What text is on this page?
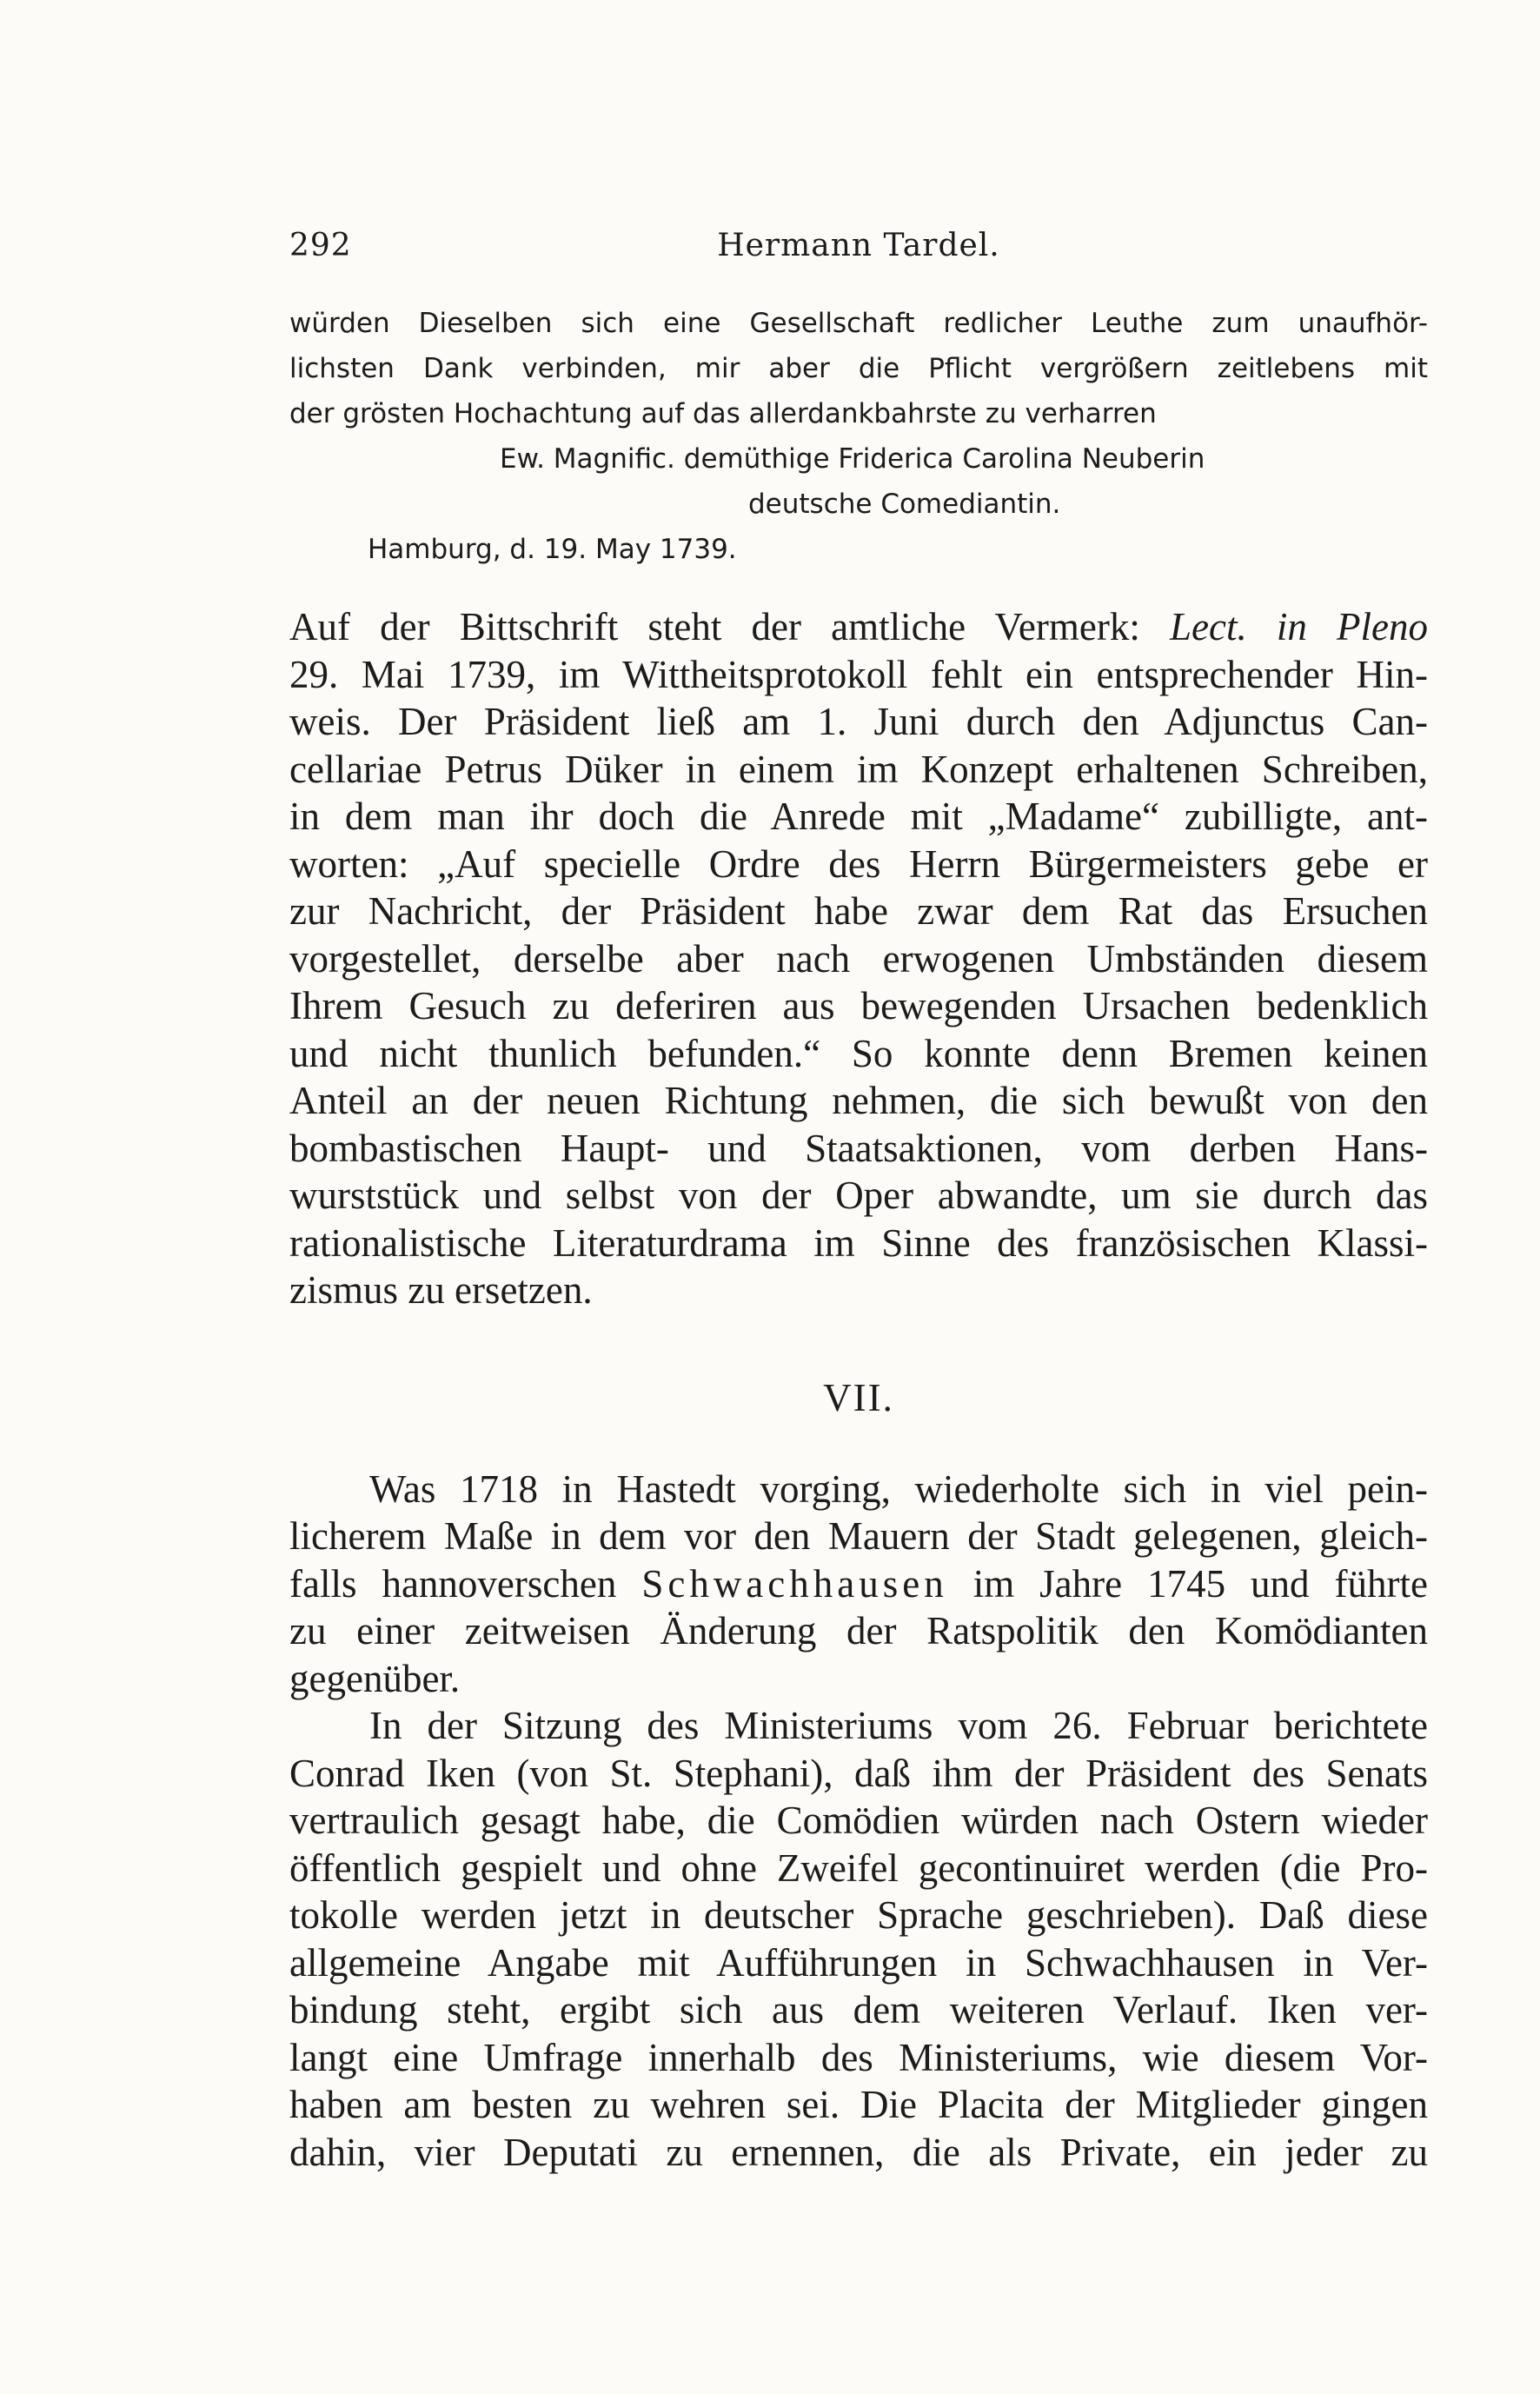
292	Hermann Tardel.
würden Dieselben sich eine Gesellschaft redlicher Leuthe zum unaufhör-
lichsten Dank verbinden, mir aber die Pflicht vergrößern zeitlebens mit
der grösten Hochachtung auf das allerdankbahrste zu verharren
Ew. Magnific. demüthige Friderica Carolina Neuberin
deutsche Comediantin.
Hamburg, d. 19. May 1739.
Auf der Bittschrift steht der amtliche Vermerk: Lect. in Pleno
29. Mai 1739, im Wittheitsprotokoll fehlt ein entsprechender Hin-
weis. Der Präsident ließ am 1. Juni durch den Adjunctus Can-
cellariae Petrus Düker in einem im Konzept erhaltenen Schreiben,
in dem man ihr doch die Anrede mit „Madame“ zubilligte, ant-
worten: „Auf specielle Ordre des Herrn Bürgermeisters gebe er
zur Nachricht, der Präsident habe zwar dem Rat das Ersuchen
vorgestellet, derselbe aber nach erwogenen Umbständen diesem
Ihrem Gesuch zu deferiren aus bewegenden Ursachen bedenklich
und nicht thunlich befunden.“ So konnte denn Bremen keinen
Anteil an der neuen Richtung nehmen, die sich bewußt von den
bombastischen Haupt- und Staatsaktionen, vom derben Hans-
wurststück und selbst von der Oper abwandte, um sie durch das
rationalistische Literaturdrama im Sinne des französischen Klassi-
zismus zu ersetzen.
VII.
Was 1718 in Hastedt vorging, wiederholte sich in viel pein-
licherem Maße in dem vor den Mauern der Stadt gelegenen, gleich-
falls hannoverschen Schwachhausen im Jahre 1745 und führte
zu einer zeitweisen Änderung der Ratspolitik den Komödianten
gegenüber.
In der Sitzung des Ministeriums vom 26. Februar berichtete
Conrad Iken (von St. Stephani), daß ihm der Präsident des Senats
vertraulich gesagt habe, die Comödien würden nach Ostern wieder
öffentlich gespielt und ohne Zweifel gecontinuiret werden (die Pro-
tokolle werden jetzt in deutscher Sprache geschrieben). Daß diese
allgemeine Angabe mit Aufführungen in Schwachhausen in Ver-
bindung steht, ergibt sich aus dem weiteren Verlauf. Iken ver-
langt eine Umfrage innerhalb des Ministeriums, wie diesem Vor-
haben am besten zu wehren sei. Die Placita der Mitglieder gingen
dahin, vier Deputati zu ernennen, die als Private, ein jeder zu
